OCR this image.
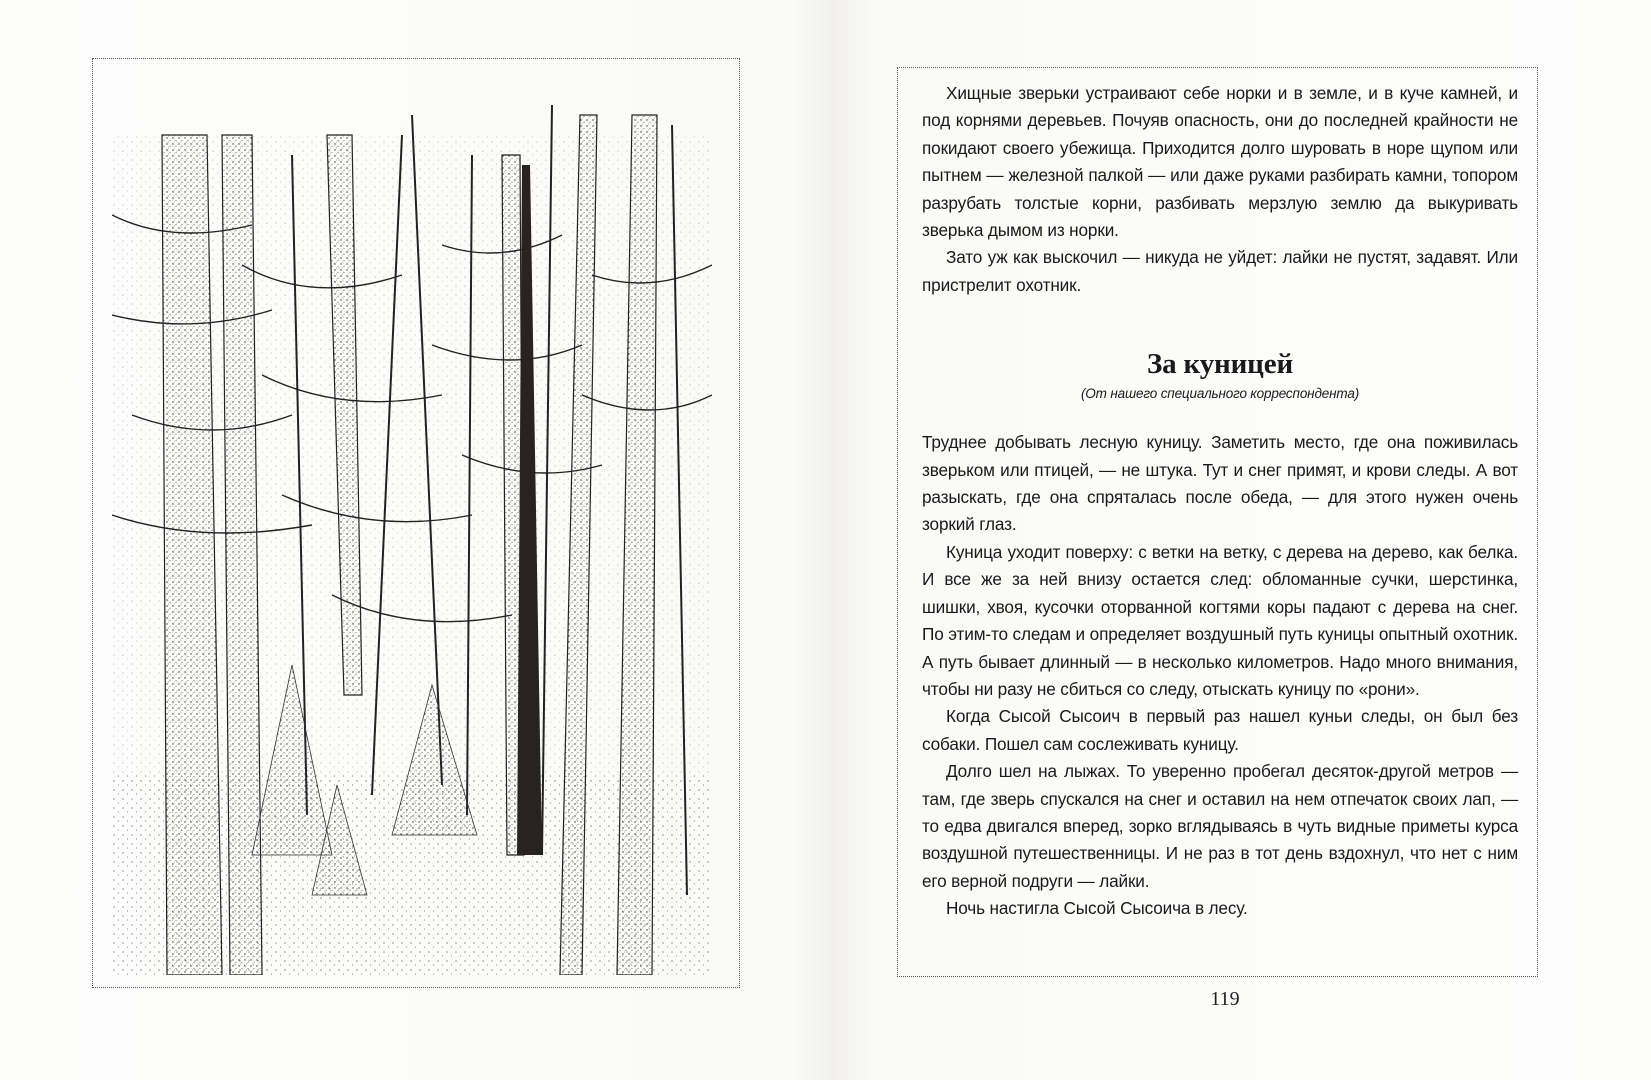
Хищные зверьки устраивают себе норки и в земле, и в куче камней, и под корнями деревьев. Почуяв опасность, они до последней крайности не покидают своего убежища. Приходится долго шуровать в норе щупом или пытнем — железной палкой — или даже руками разбирать камни, топором разрубать толстые корни, разбивать мерзлую землю да выкуривать зверька дымом из норки.

Зато уж как выскочил — никуда не уйдет: лайки не пустят, задавят. Или пристрелит охотник.

За куницей
(От нашего специального корреспондента)

Труднее добывать лесную куницу. Заметить место, где она поживилась зверьком или птицей, — не штука. Тут и снег примят, и крови следы. А вот разыскать, где она спряталась после обеда, — для этого нужен очень зоркий глаз.

Куница уходит поверху: с ветки на ветку, с дерева на дерево, как белка. И все же за ней внизу остается след: обломанные сучки, шерстинка, шишки, хвоя, кусочки оторванной когтями коры падают с дерева на снег. По этим-то следам и определяет воздушный путь куницы опытный охотник. А путь бывает длинный — в несколько километров. Надо много внимания, чтобы ни разу не сбиться со следу, отыскать куницу по «рони».

Когда Сысой Сысоич в первый раз нашел куньи следы, он был без собаки. Пошел сам сослеживать куницу.

Долго шел на лыжах. То уверенно пробегал десяток-другой метров — там, где зверь спускался на снег и оставил на нем отпечаток своих лап, — то едва двигался вперед, зорко вглядываясь в чуть видные приметы курса воздушной путешественницы. И не раз в тот день вздохнул, что нет с ним его верной подруги — лайки.

Ночь настигла Сысой Сысоича в лесу.

119
